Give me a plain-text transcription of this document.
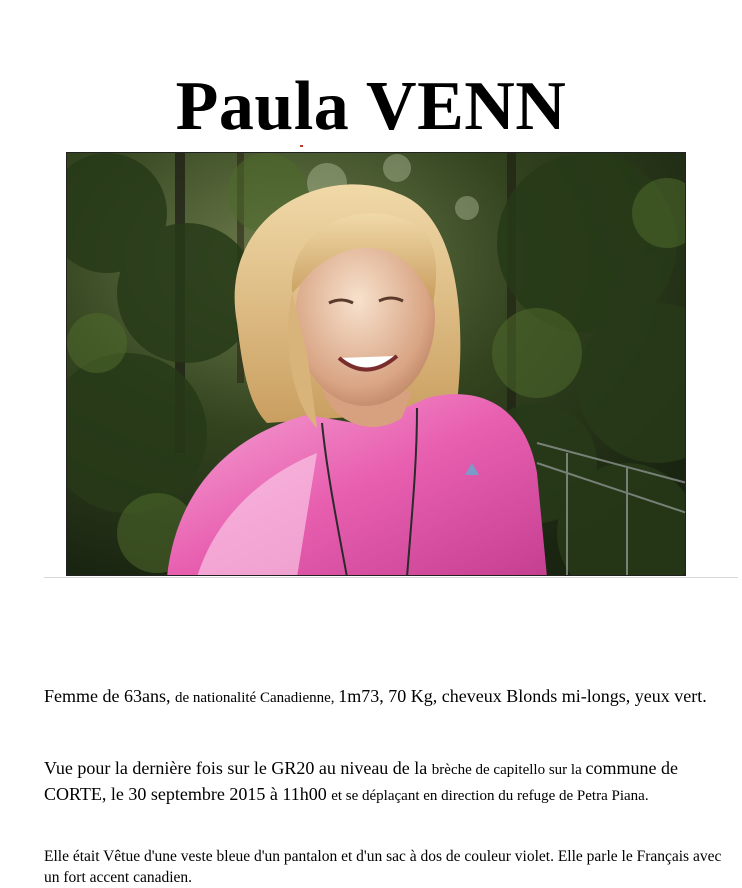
Paula VENN

Femme de 63ans, de nationalité Canadienne, 1m73, 70 Kg, cheveux Blonds mi-longs, yeux vert.

Vue pour la dernière fois sur le GR20 au niveau de la brèche de capitello sur la commune de CORTE, le 30 septembre 2015 à 11h00 et se déplaçant en direction du refuge de Petra Piana.

Elle était Vêtue d'une veste bleue d'un pantalon et d'un sac à dos de couleur violet. Elle parle le Français avec un fort accent canadien.
